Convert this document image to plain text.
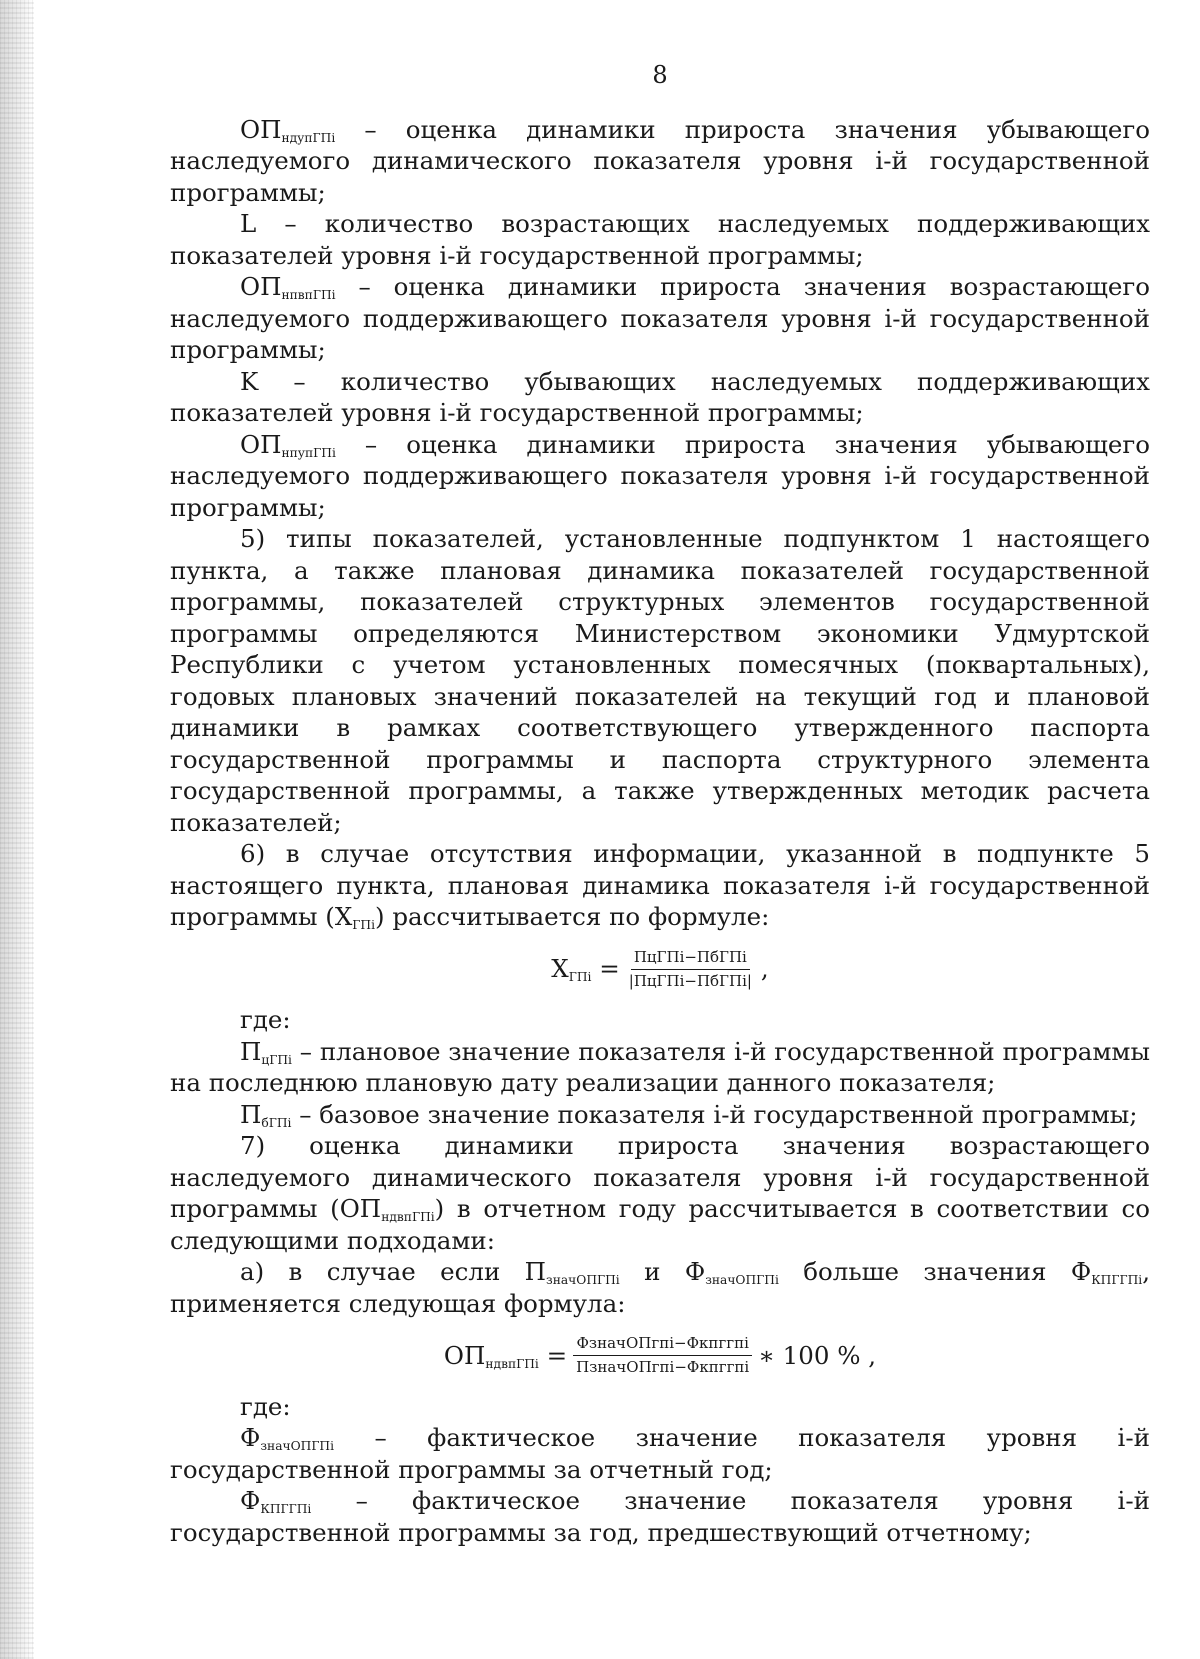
8

$ОП_{ндупГПi}$ – оценка динамики прироста значения убывающего наследуемого динамического показателя уровня i-й государственной программы;

L – количество возрастающих наследуемых поддерживающих показателей уровня i-й государственной программы;

$ОП_{нпвпГПi}$ – оценка динамики прироста значения возрастающего наследуемого поддерживающего показателя уровня i-й государственной программы;

K – количество убывающих наследуемых поддерживающих показателей уровня i-й государственной программы;

$ОП_{нпупГПi}$ – оценка динамики прироста значения убывающего наследуемого поддерживающего показателя уровня i-й государственной программы;

5) типы показателей, установленные подпунктом 1 настоящего пункта, а также плановая динамика показателей государственной программы, показателей структурных элементов государственной программы определяются Министерством экономики Удмуртской Республики с учетом установленных помесячных (поквартальных), годовых плановых значений показателей на текущий год и плановой динамики в рамках соответствующего утвержденного паспорта государственной программы и паспорта структурного элемента государственной программы, а также утвержденных методик расчета показателей;

6) в случае отсутствия информации, указанной в подпункте 5 настоящего пункта, плановая динамика показателя i-й государственной программы $(X_{ГПi})$ рассчитывается по формуле:

$X_{ГПi} = \frac{\text{ПцГПi−ПбГПi}}{\text{|ПцГПi−ПбГПi|}}$ ,

где:

$П_{цГПi}$ – плановое значение показателя i-й государственной программы на последнюю плановую дату реализации данного показателя;

$П_{бГПi}$ – базовое значение показателя i-й государственной программы;

7) оценка динамики прироста значения возрастающего наследуемого динамического показателя уровня i-й государственной программы $(ОП_{ндвпГПi})$ в отчетном году рассчитывается в соответствии со следующими подходами:

а) в случае если $П_{значОПГПi}$ и $Ф_{значОПГПi}$ больше значения $Ф_{КПГГПi}$, применяется следующая формула:

$ОП_{ндвпГПi} = \frac{\text{ФзначОПгпi−Фкпггпi}}{\text{ПзначОПгпi−Фкпггпi}}$ ∗ 100 % ,

где:

$Ф_{значОПГПi}$ – фактическое значение показателя уровня i-й государственной программы за отчетный год;

$Ф_{КПГГПi}$ – фактическое значение показателя уровня i-й государственной программы за год, предшествующий отчетному;
